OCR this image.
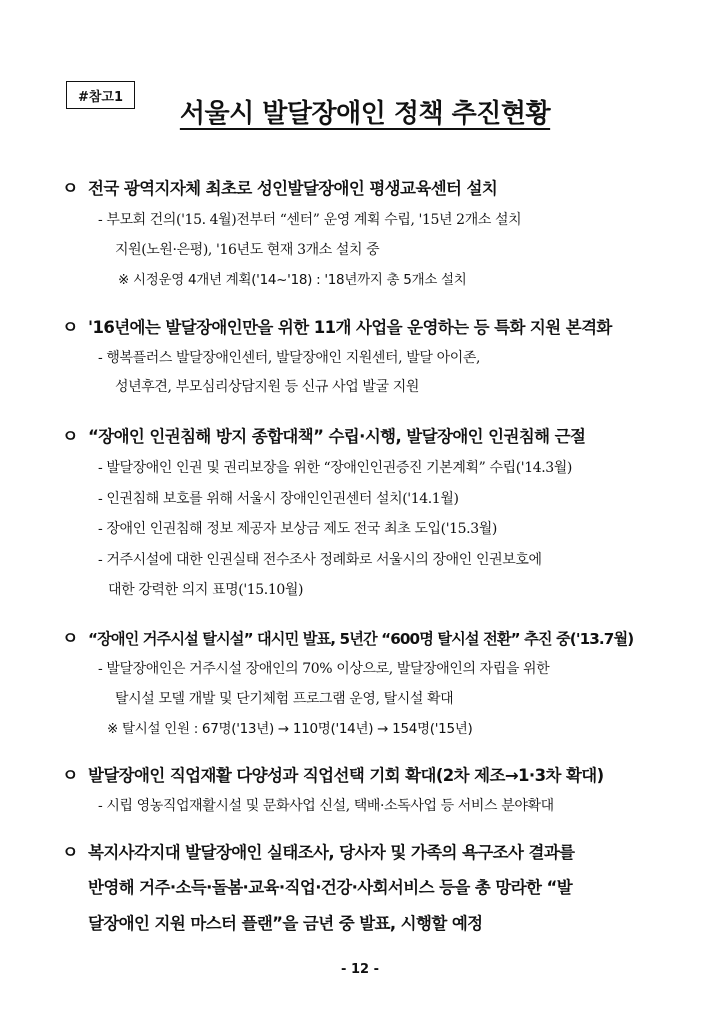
#참고1
서울시 발달장애인 정책 추진현황
ㅇ 전국 광역지자체 최초로 성인발달장애인 평생교육센터 설치
- 부모회 건의('15. 4월)전부터 “센터” 운영 계획 수립, '15년 2개소 설치
지원(노원·은평), '16년도 현재 3개소 설치 중
※ 시정운영 4개년 계획('14~'18) : '18년까지 총 5개소 설치
ㅇ '16년에는 발달장애인만을 위한 11개 사업을 운영하는 등 특화 지원 본격화
- 행복플러스 발달장애인센터, 발달장애인 지원센터, 발달 아이존,
성년후견, 부모심리상담지원 등 신규 사업 발굴 지원
ㅇ “장애인 인권침해 방지 종합대책” 수립·시행, 발달장애인 인권침해 근절
- 발달장애인 인권 및 권리보장을 위한 “장애인인권증진 기본계획” 수립('14.3월)
- 인권침해 보호를 위해 서울시 장애인인권센터 설치('14.1월)
- 장애인 인권침해 정보 제공자 보상금 제도 전국 최초 도입('15.3월)
- 거주시설에 대한 인권실태 전수조사 정례화로 서울시의 장애인 인권보호에
대한 강력한 의지 표명('15.10월)
ㅇ “장애인 거주시설 탈시설” 대시민 발표, 5년간 “600명 탈시설 전환” 추진 중('13.7월)
- 발달장애인은 거주시설 장애인의 70% 이상으로, 발달장애인의 자립을 위한
탈시설 모델 개발 및 단기체험 프로그램 운영, 탈시설 확대
※ 탈시설 인원 : 67명('13년) → 110명('14년) → 154명('15년)
ㅇ 발달장애인 직업재활 다양성과 직업선택 기회 확대(2차 제조→1·3차 확대)
- 시립 영농직업재활시설 및 문화사업 신설, 택배·소독사업 등 서비스 분야확대
ㅇ 복지사각지대 발달장애인 실태조사, 당사자 및 가족의 욕구조사 결과를
반영해 거주·소득·돌봄·교육·직업·건강·사회서비스 등을 총 망라한 “발
달장애인 지원 마스터 플랜”을 금년 중 발표, 시행할 예정
- 12 -
